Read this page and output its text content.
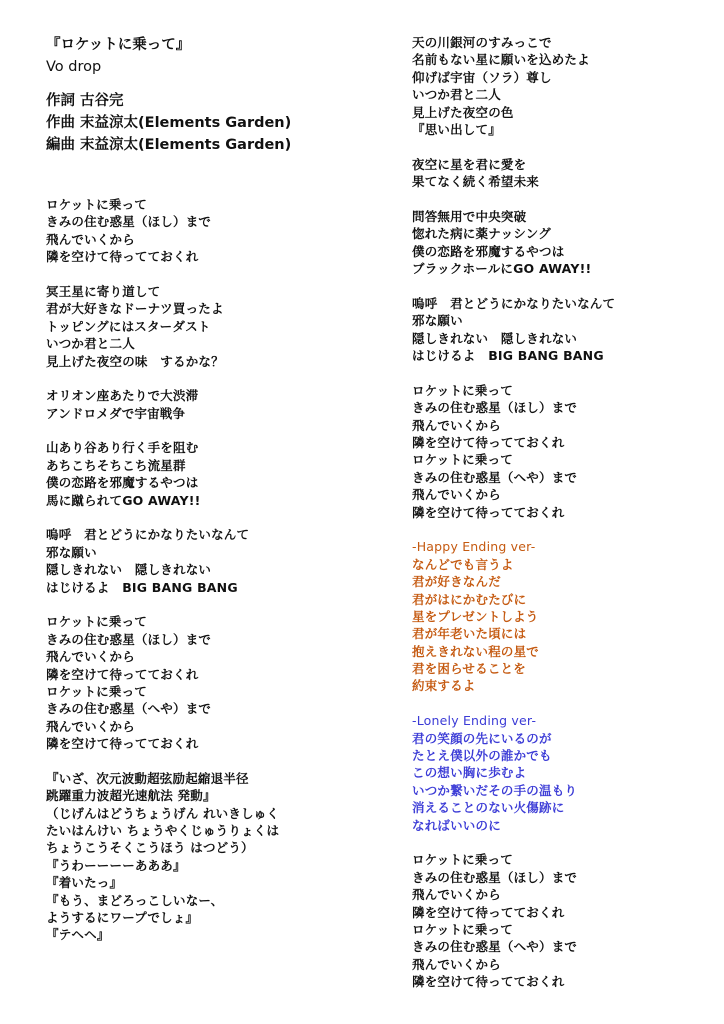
『ロケットに乗って』
Vo drop
作詞 古谷完
作曲 末益涼太(Elements Garden)
編曲 末益涼太(Elements Garden)
ロケットに乗って
きみの住む惑星（ほし）まで
飛んでいくから
隣を空けて待ってておくれ
冥王星に寄り道して
君が大好きなドーナツ買ったよ
トッピングにはスターダスト
いつか君と二人
見上げた夜空の味　するかな？
オリオン座あたりで大渋滞
アンドロメダで宇宙戦争
山あり谷あり行く手を阻む
あちこちそちこち流星群
僕の恋路を邪魔するやつは
馬に蹴られてGO AWAY!!
嗚呼　君とどうにかなりたいなんて
邪な願い
隠しきれない　隠しきれない
はじけるよ　BIG BANG BANG
ロケットに乗って
きみの住む惑星（ほし）まで
飛んでいくから
隣を空けて待ってておくれ
ロケットに乗って
きみの住む惑星（へや）まで
飛んでいくから
隣を空けて待ってておくれ
『いざ、次元波動超弦励起縮退半径
跳躍重力波超光速航法 発動』
（じげんはどうちょうげん れいきしゅく
たいはんけい ちょうやくじゅうりょくは
ちょうこうそくこうほう はつどう）
『うわーーーーあああ』
『着いたっ』
『もう、まどろっこしいなー、
ようするにワープでしょ』
『テヘヘ』
天の川銀河のすみっこで
名前もない星に願いを込めたよ
仰げば宇宙（ソラ）尊し
いつか君と二人
見上げた夜空の色
『思い出して』
夜空に星を君に愛を
果てなく続く希望未来
問答無用で中央突破
惚れた病に薬ナッシング
僕の恋路を邪魔するやつは
ブラックホールにGO AWAY!!
嗚呼　君とどうにかなりたいなんて
邪な願い
隠しきれない　隠しきれない
はじけるよ　BIG BANG BANG
ロケットに乗って
きみの住む惑星（ほし）まで
飛んでいくから
隣を空けて待ってておくれ
ロケットに乗って
きみの住む惑星（へや）まで
飛んでいくから
隣を空けて待ってておくれ
-Happy Ending ver-
なんどでも言うよ
君が好きなんだ
君がはにかむたびに
星をプレゼントしよう
君が年老いた頃には
抱えきれない程の星で
君を困らせることを
約束するよ
-Lonely Ending ver-
君の笑顔の先にいるのが
たとえ僕以外の誰かでも
この想い胸に歩むよ
いつか繋いだその手の温もり
消えることのない火傷跡に
なればいいのに
ロケットに乗って
きみの住む惑星（ほし）まで
飛んでいくから
隣を空けて待ってておくれ
ロケットに乗って
きみの住む惑星（へや）まで
飛んでいくから
隣を空けて待ってておくれ
